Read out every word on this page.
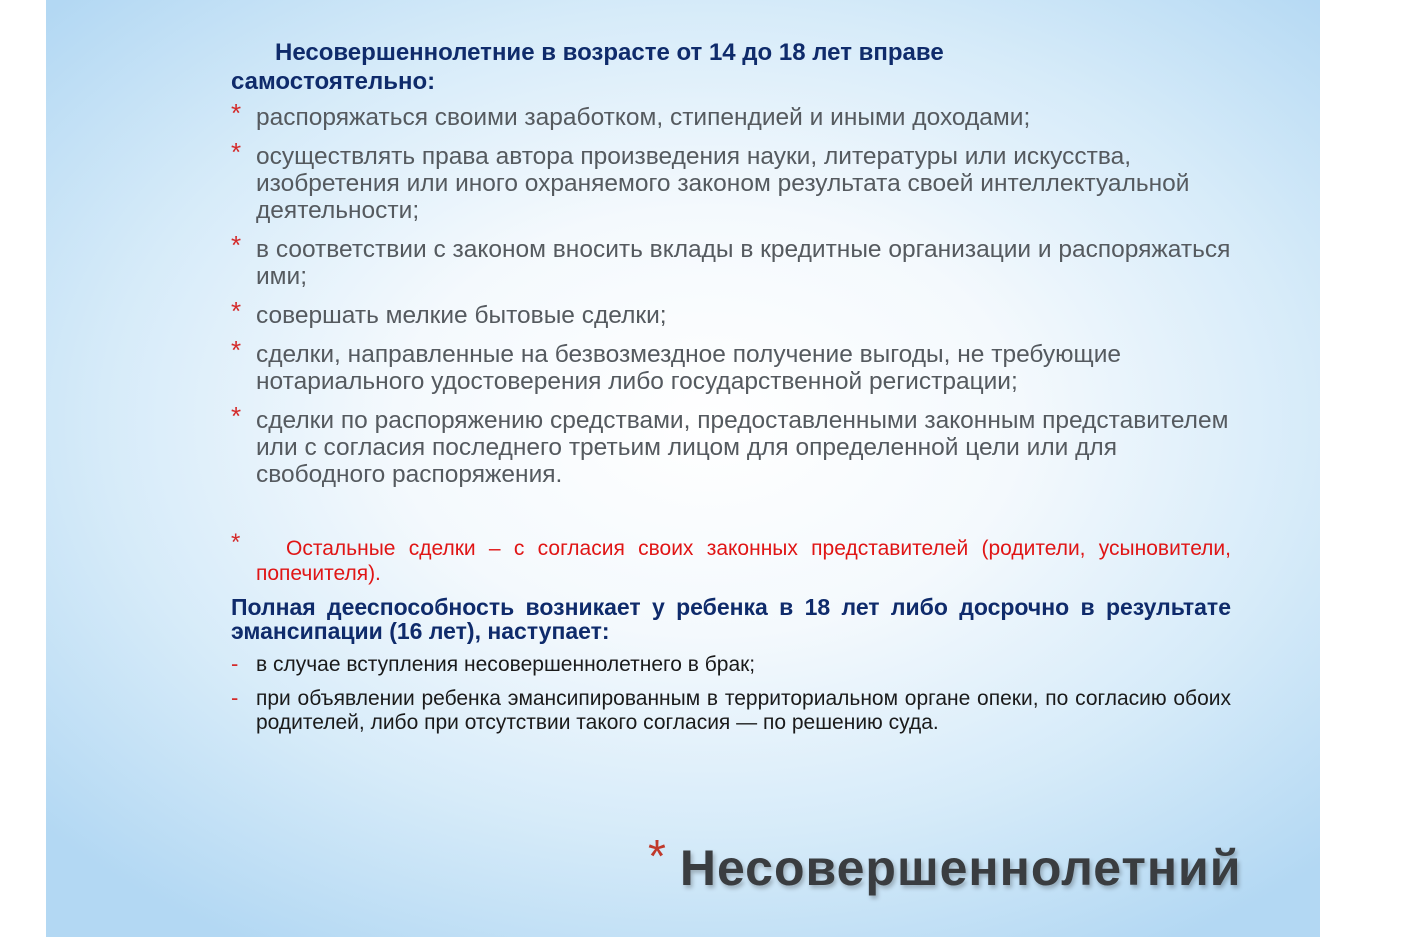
Несовершеннолетние в возрасте от 14 до 18 лет вправе
самостоятельно:
* распоряжаться своими заработком, стипендией и иными доходами;
* осуществлять права автора произведения науки, литературы или искусства, изобретения или иного охраняемого законом результата своей интеллектуальной деятельности;
* в соответствии с законом вносить вклады в кредитные организации и распоряжаться ими;
* совершать мелкие бытовые сделки;
* сделки, направленные на безвозмездное получение выгоды, не требующие нотариального удостоверения либо государственной регистрации;
* сделки по распоряжению средствами, предоставленными законным представителем или с согласия последнего третьим лицом для определенной цели или для свободного распоряжения.
* Остальные сделки – с согласия своих законных представителей (родители, усыновители, попечителя).
Полная дееспособность возникает у ребенка в 18 лет либо досрочно в результате эмансипации (16 лет), наступает:
- в случае вступления несовершеннолетнего в брак;
- при объявлении ребенка эмансипированным в территориальном органе опеки, по согласию обоих родителей, либо при отсутствии такого согласия — по решению суда.
* Несовершеннолетний
